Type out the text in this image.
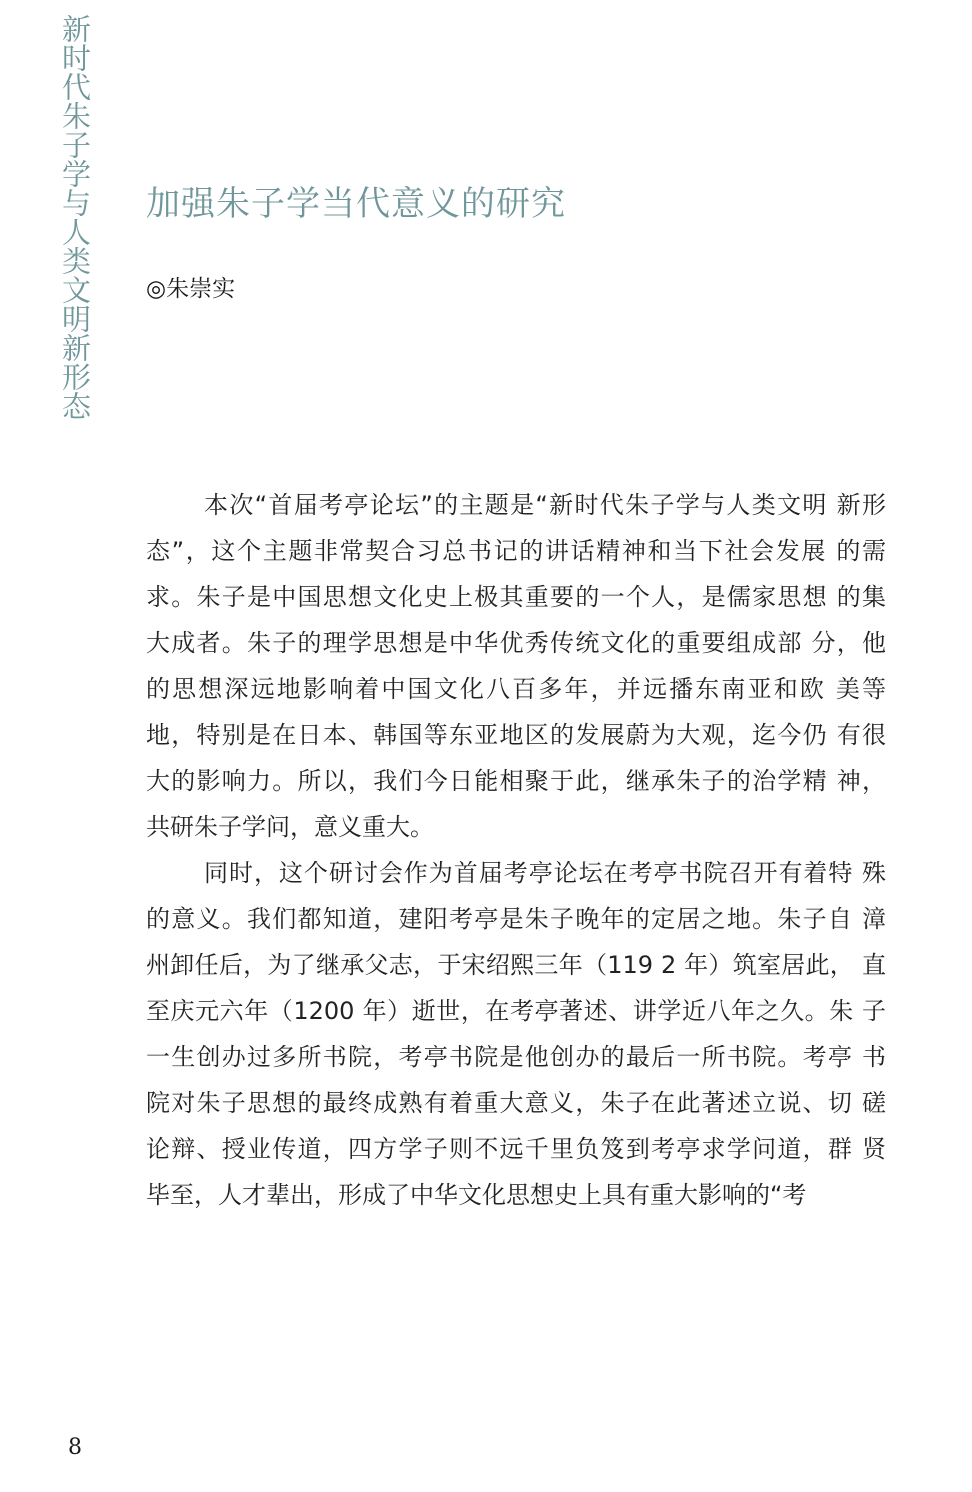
新时代朱子学与人类文明新形态 加强朱子学当代意义的研究
◎朱崇实
本次“首届考亭论坛”的主题是“新时代朱子学与人类文明 新形
态”，这个主题非常契合习总书记的讲话精神和当下社会发展 的需
求。朱子是中国思想文化史上极其重要的一个人，是儒家思想 的集
大成者。朱子的理学思想是中华优秀传统文化的重要组成部 分，他
的思想深远地影响着中国文化八百多年，并远播东南亚和欧 美等
地，特别是在日本、韩国等东亚地区的发展蔚为大观，迄今仍 有很
大的影响力。所以，我们今日能相聚于此，继承朱子的治学精 神，
共研朱子学问，意义重大。
同时，这个研讨会作为首届考亭论坛在考亭书院召开有着特 殊
的意义。我们都知道，建阳考亭是朱子晚年的定居之地。朱子自 漳
州卸任后，为了继承父志，于宋绍熙三年（119 2 年）筑室居此， 直
至庆元六年（1200 年）逝世，在考亭著述、讲学近八年之久。朱 子
一生创办过多所书院，考亭书院是他创办的最后一所书院。考亭 书
院对朱子思想的最终成熟有着重大意义，朱子在此著述立说、切 磋
论辩、授业传道，四方学子则不远千里负笈到考亭求学问道，群 贤
毕至，人才辈出，形成了中华文化思想史上具有重大影响的“考
8
